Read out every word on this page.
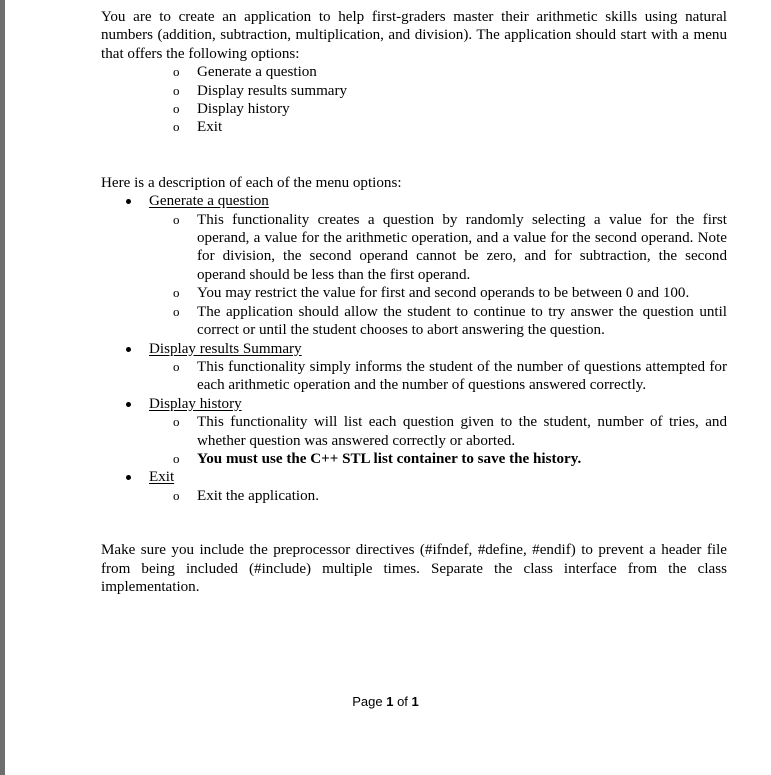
You are to create an application to help first-graders master their arithmetic skills using natural numbers (addition, subtraction, multiplication, and division). The application should start with a menu that offers the following options:

o Generate a question
o Display results summary
o Display history
o Exit

Here is a description of each of the menu options:

Generate a question
o This functionality creates a question by randomly selecting a value for the first operand, a value for the arithmetic operation, and a value for the second operand. Note for division, the second operand cannot be zero, and for subtraction, the second operand should be less than the first operand.
o You may restrict the value for first and second operands to be between 0 and 100.
o The application should allow the student to continue to try answer the question until correct or until the student chooses to abort answering the question.
Display results Summary
o This functionality simply informs the student of the number of questions attempted for each arithmetic operation and the number of questions answered correctly.
Display history
o This functionality will list each question given to the student, number of tries, and whether question was answered correctly or aborted.
o You must use the C++ STL list container to save the history.
Exit
o Exit the application.

Make sure you include the preprocessor directives (#ifndef, #define, #endif) to prevent a header file from being included (#include) multiple times. Separate the class interface from the class implementation.

Page 1 of 1
